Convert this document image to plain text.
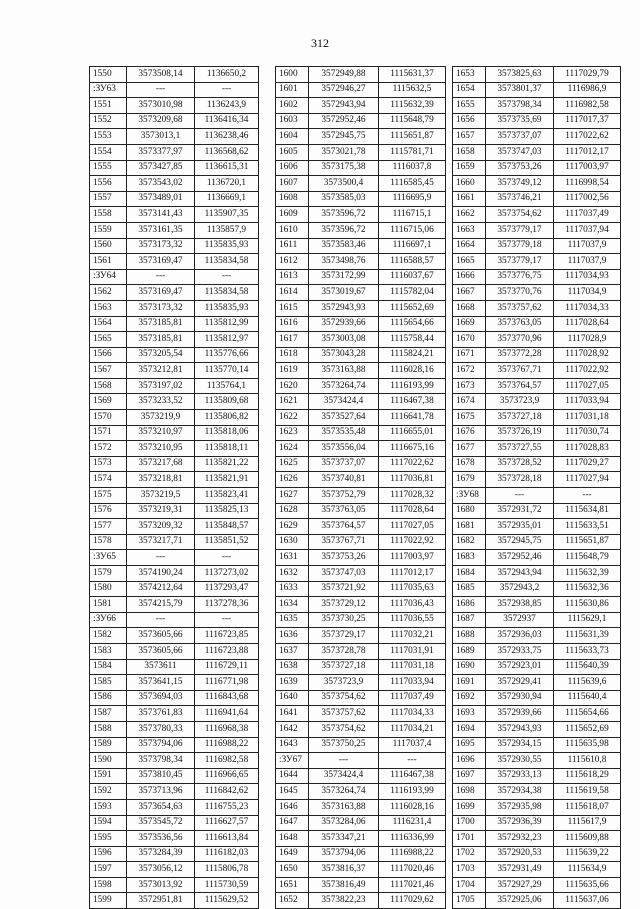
312
1550	3573508,14	1136650,2
:ЗУ63	---	---
1551	3573010,98	1136243,9
1552	3573209,68	1136416,34
1553	3573013,1	1136238,46
1554	3573377,97	1136568,62
1555	3573427,85	1136615,31
1556	3573543,02	1136720,1
1557	3573489,01	1136669,1
1558	3573141,43	1135907,35
1559	3573161,35	1135857,9
1560	3573173,32	1135835,93
1561	3573169,47	1135834,58
:ЗУ64	---	---
1562	3573169,47	1135834,58
1563	3573173,32	1135835,93
1564	3573185,81	1135812,99
1565	3573185,81	1135812,97
1566	3573205,54	1135776,66
1567	3573212,81	1135770,14
1568	3573197,02	1135764,1
1569	3573233,52	1135809,68
1570	3573219,9	1135806,82
1571	3573210,97	1135818,06
1572	3573210,95	1135818,11
1573	3573217,68	1135821,22
1574	3573218,81	1135821,91
1575	3573219,5	1135823,41
1576	3573219,31	1135825,13
1577	3573209,32	1135848,57
1578	3573217,71	1135851,52
:ЗУ65	---	---
1579	3574190,24	1137273,02
1580	3574212,64	1137293,47
1581	3574215,79	1137278,36
:ЗУ66	---	---
1582	3573605,66	1116723,85
1583	3573605,66	1116723,88
1584	3573611	1116729,11
1585	3573641,15	1116771,98
1586	3573694,03	1116843,68
1587	3573761,83	1116941,64
1588	3573780,33	1116968,38
1589	3573794,06	1116988,22
1590	3573798,34	1116982,58
1591	3573810,45	1116966,65
1592	3573713,96	1116842,62
1593	3573654,63	1116755,23
1594	3573545,72	1116627,57
1595	3573536,56	1116613,84
1596	3573284,39	1116182,03
1597	3573056,12	1115806,78
1598	3573013,92	1115730,59
1599	3572951,81	1115629,52
1600	3572949,88	1115631,37
1601	3572946,27	1115632,5
1602	3572943,94	1115632,39
1603	3572952,46	1115648,79
1604	3572945,75	1115651,87
1605	3573021,78	1115781,71
1606	3573175,38	1116037,8
1607	3573500,4	1116585,45
1608	3573585,03	1116695,9
1609	3573596,72	1116715,1
1610	3573596,72	1116715,06
1611	3573583,46	1116697,1
1612	3573498,76	1116588,57
1613	3573172,99	1116037,67
1614	3573019,67	1115782,04
1615	3572943,93	1115652,69
1616	3572939,66	1115654,66
1617	3573003,08	1115758,44
1618	3573043,28	1115824,21
1619	3573163,88	1116028,16
1620	3573264,74	1116193,99
1621	3573424,4	1116467,38
1622	3573527,64	1116641,78
1623	3573535,48	1116655,01
1624	3573556,04	1116675,16
1625	3573737,07	1117022,62
1626	3573740,81	1117036,81
1627	3573752,79	1117028,32
1628	3573763,05	1117028,64
1629	3573764,57	1117027,05
1630	3573767,71	1117022,92
1631	3573753,26	1117003,97
1632	3573747,03	1117012,17
1633	3573721,92	1117035,63
1634	3573729,12	1117036,43
1635	3573730,25	1117036,55
1636	3573729,17	1117032,21
1637	3573728,78	1117031,91
1638	3573727,18	1117031,18
1639	3573723,9	1117033,94
1640	3573754,62	1117037,49
1641	3573757,62	1117034,33
1642	3573754,62	1117034,21
1643	3573750,25	1117037,4
:ЗУ67	---	---
1644	3573424,4	1116467,38
1645	3573264,74	1116193,99
1646	3573163,88	1116028,16
1647	3573284,06	1116231,4
1648	3573347,21	1116336,99
1649	3573794,06	1116988,22
1650	3573816,37	1117020,46
1651	3573816,49	1117021,46
1652	3573822,23	1117029,62
1653	3573825,63	1117029,79
1654	3573801,37	1116986,9
1655	3573798,34	1116982,58
1656	3573735,69	1117017,37
1657	3573737,07	1117022,62
1658	3573747,03	1117012,17
1659	3573753,26	1117003,97
1660	3573749,12	1116998,54
1661	3573746,21	1117002,56
1662	3573754,62	1117037,49
1663	3573779,17	1117037,94
1664	3573779,18	1117037,9
1665	3573779,17	1117037,9
1666	3573776,75	1117034,93
1667	3573770,76	1117034,9
1668	3573757,62	1117034,33
1669	3573763,05	1117028,64
1670	3573770,96	1117028,9
1671	3573772,28	1117028,92
1672	3573767,71	1117022,92
1673	3573764,57	1117027,05
1674	3573723,9	1117033,94
1675	3573727,18	1117031,18
1676	3573726,19	1117030,74
1677	3573727,55	1117028,83
1678	3573728,52	1117029,27
1679	3573728,18	1117027,94
:ЗУ68	---	---
1680	3572931,72	1115634,81
1681	3572935,01	1115633,51
1682	3572945,75	1115651,87
1683	3572952,46	1115648,79
1684	3572943,94	1115632,39
1685	3572943,2	1115632,36
1686	3572938,85	1115630,86
1687	3572937	1115629,1
1688	3572936,03	1115631,39
1689	3572933,75	1115633,73
1690	3572923,01	1115640,39
1691	3572929,41	1115639,6
1692	3572930,94	1115640,4
1693	3572939,66	1115654,66
1694	3572943,93	1115652,69
1695	3572934,15	1115635,98
1696	3572930,55	1115610,8
1697	3572933,13	1115618,29
1698	3572934,38	1115619,58
1699	3572935,98	1115618,07
1700	3572936,39	1115617,9
1701	3572932,23	1115609,88
1702	3572920,53	1115639,22
1703	3572931,49	1115634,9
1704	3572927,29	1115635,66
1705	3572925,06	1115637,06
